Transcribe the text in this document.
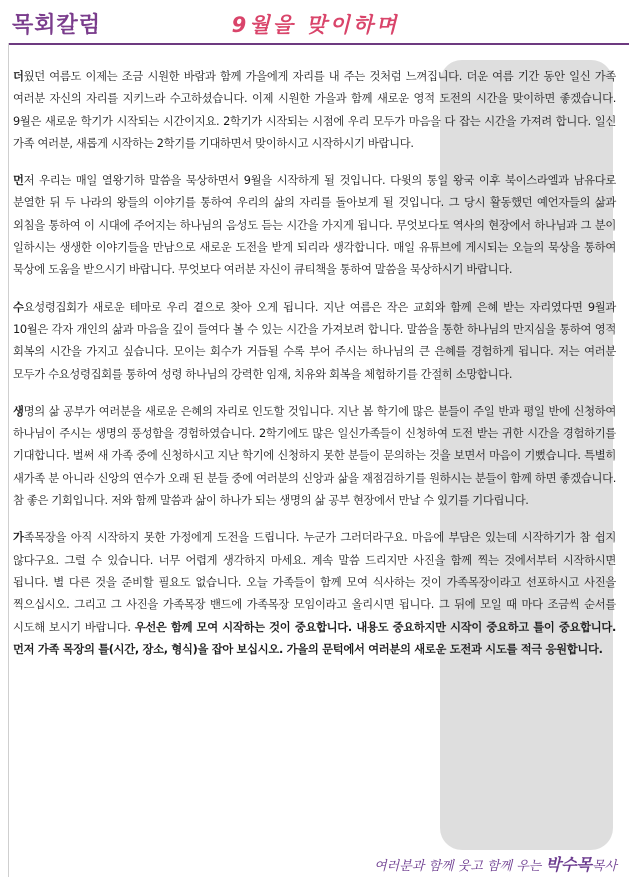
목회칼럼	9월을 맞이하며

더웠던 여름도 이제는 조금 시원한 바람과 함께 가을에게 자리를 내 주는 것처럼 느껴집니다. 더운 여름 기간 동안 일신 가족 여러분 자신의 자리를 지키느라 수고하셨습니다. 이제 시원한 가을과 함께 새로운 영적 도전의 시간을 맞이하면 좋겠습니다. 9월은 새로운 학기가 시작되는 시간이지요. 2학기가 시작되는 시점에 우리 모두가 마음을 다 잡는 시간을 가져려 합니다. 일신 가족 여러분, 새롭게 시작하는 2학기를 기대하면서 맞이하시고 시작하시기 바랍니다.

먼저 우리는 매일 열왕기하 말씀을 묵상하면서 9월을 시작하게 될 것입니다. 다윗의 통일 왕국 이후 북이스라엘과 남유다로 분열한 뒤 두 나라의 왕들의 이야기를 통하여 우리의 삶의 자리를 돌아보게 될 것입니다. 그 당시 활동했던 예언자들의 삶과 외침을 통하여 이 시대에 주어지는 하나님의 음성도 듣는 시간을 가지게 됩니다. 무엇보다도 역사의 현장에서 하나님과 그 분이 일하시는 생생한 이야기들을 만남으로 새로운 도전을 받게 되리라 생각합니다. 매일 유튜브에 게시되는 오늘의 묵상을 통하여 묵상에 도움을 받으시기 바랍니다. 무엇보다 여러분 자신이 큐티책을 통하여 말씀을 묵상하시기 바랍니다.

수요성령집회가 새로운 테마로 우리 곁으로 찾아 오게 됩니다. 지난 여름은 작은 교회와 함께 은혜 받는 자리였다면 9월과 10월은 각자 개인의 삶과 마음을 깊이 들여다 볼 수 있는 시간을 가져보려 합니다. 말씀을 통한 하나님의 만지심을 통하여 영적 회복의 시간을 가지고 싶습니다. 모이는 회수가 거듭될 수록 부어 주시는 하나님의 큰 은혜를 경험하게 됩니다. 저는 여러분 모두가 수요성령집회를 통하여 성령 하나님의 강력한 임재, 치유와 회복을 체험하기를 간절히 소망합니다.

생명의 삶 공부가 여러분을 새로운 은혜의 자리로 인도할 것입니다. 지난 봄 학기에 많은 분들이 주일 반과 평일 반에 신청하여 하나님이 주시는 생명의 풍성함을 경험하였습니다. 2학기에도 많은 일신가족들이 신청하여 도전 받는 귀한 시간을 경험하기를 기대합니다. 벌써 새 가족 중에 신청하시고 지난 학기에 신청하지 못한 분들이 문의하는 것을 보면서 마음이 기뻤습니다. 특별히 새가족 분 아니라 신앙의 연수가 오래 된 분들 중에 여러분의 신앙과 삶을 재점검하기를 원하시는 분들이 함께 하면 좋겠습니다. 참 좋은 기회입니다. 저와 함께 말씀과 삶이 하나가 되는 생명의 삶 공부 현장에서 만날 수 있기를 기다립니다.

가족목장을 아직 시작하지 못한 가정에게 도전을 드립니다. 누군가 그러더라구요. 마음에 부담은 있는데 시작하기가 참 쉽지 않다구요. 그럴 수 있습니다. 너무 어렵게 생각하지 마세요. 계속 말씀 드리지만 사진을 함께 찍는 것에서부터 시작하시면 됩니다. 별 다른 것을 준비할 필요도 없습니다. 오늘 가족들이 함께 모여 식사하는 것이 가족목장이라고 선포하시고 사진을 찍으십시오. 그리고 그 사진을 가족목장 밴드에 가족목장 모임이라고 올리시면 됩니다. 그 뒤에 모일 때 마다 조금씩 순서를 시도해 보시기 바랍니다. 우선은 함께 모여 시작하는 것이 중요합니다. 내용도 중요하지만 시작이 중요하고 틀이 중요합니다. 먼저 가족 목장의 틀(시간, 장소, 형식)을 잡아 보십시오. 가을의 문턱에서 여러분의 새로운 도전과 시도를 적극 응원합니다.

여러분과 함께 웃고 함께 우는 박수목목사
